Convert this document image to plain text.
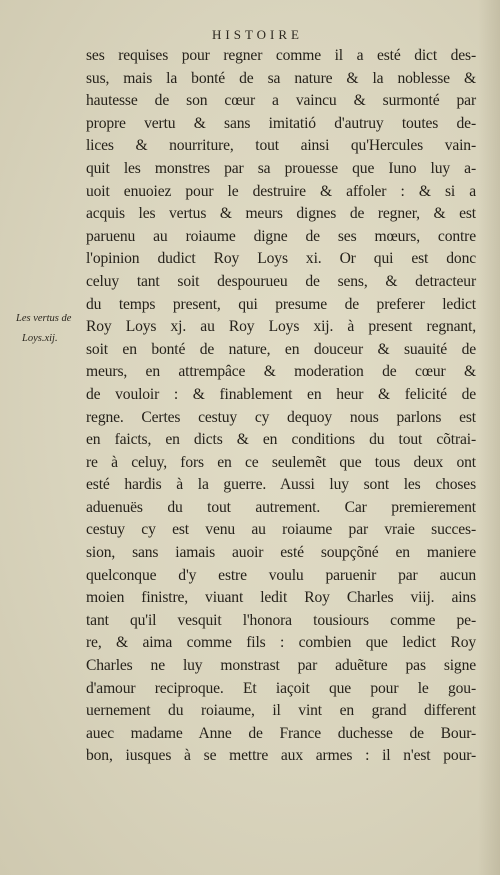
HISTOIRE
Les vertus de
Loys.xij.
ses requises pour regner comme il a esté dict des-
sus, mais la bonté de sa nature & la noblesse &
hautesse de son cœur a vaincu & surmonté par
propre vertu & sans imitatió d'autruy toutes de-
lices & nourriture, tout ainsi qu'Hercules vain-
quit les monstres par sa prouesse que Iuno luy a-
uoit enuoiez pour le destruire & affoler : & si a
acquis les vertus & meurs dignes de regner, & est
paruenu au roiaume digne de ses mœurs, contre
l'opinion dudict Roy Loys xi. Or qui est donc
celuy tant soit despourueu de sens, & detracteur
du temps present, qui presume de preferer ledict
Roy Loys xj. au Roy Loys xij. à present regnant,
soit en bonté de nature, en douceur & suauité de
meurs, en attrempâce & moderation de cœur &
de vouloir : & finablement en heur & felicité de
regne. Certes cestuy cy dequoy nous parlons est
en faicts, en dicts & en conditions du tout cõtrai-
re à celuy, fors en ce seulemẽt que tous deux ont
esté hardis à la guerre. Aussi luy sont les choses
aduenuës du tout autrement. Car premierement
cestuy cy est venu au roiaume par vraie succes-
sion, sans iamais auoir esté soupçõné en maniere
quelconque d'y estre voulu paruenir par aucun
moien finistre, viuant ledit Roy Charles viij. ains
tant qu'il vesquit l'honora tousiours comme pe-
re, & aima comme fils : combien que ledict Roy
Charles ne luy monstrast par aduẽture pas signe
d'amour reciproque. Et iaçoit que pour le gou-
uernement du roiaume, il vint en grand different
auec madame Anne de France duchesse de Bour-
bon, iusques à se mettre aux armes : il n'est pour-
